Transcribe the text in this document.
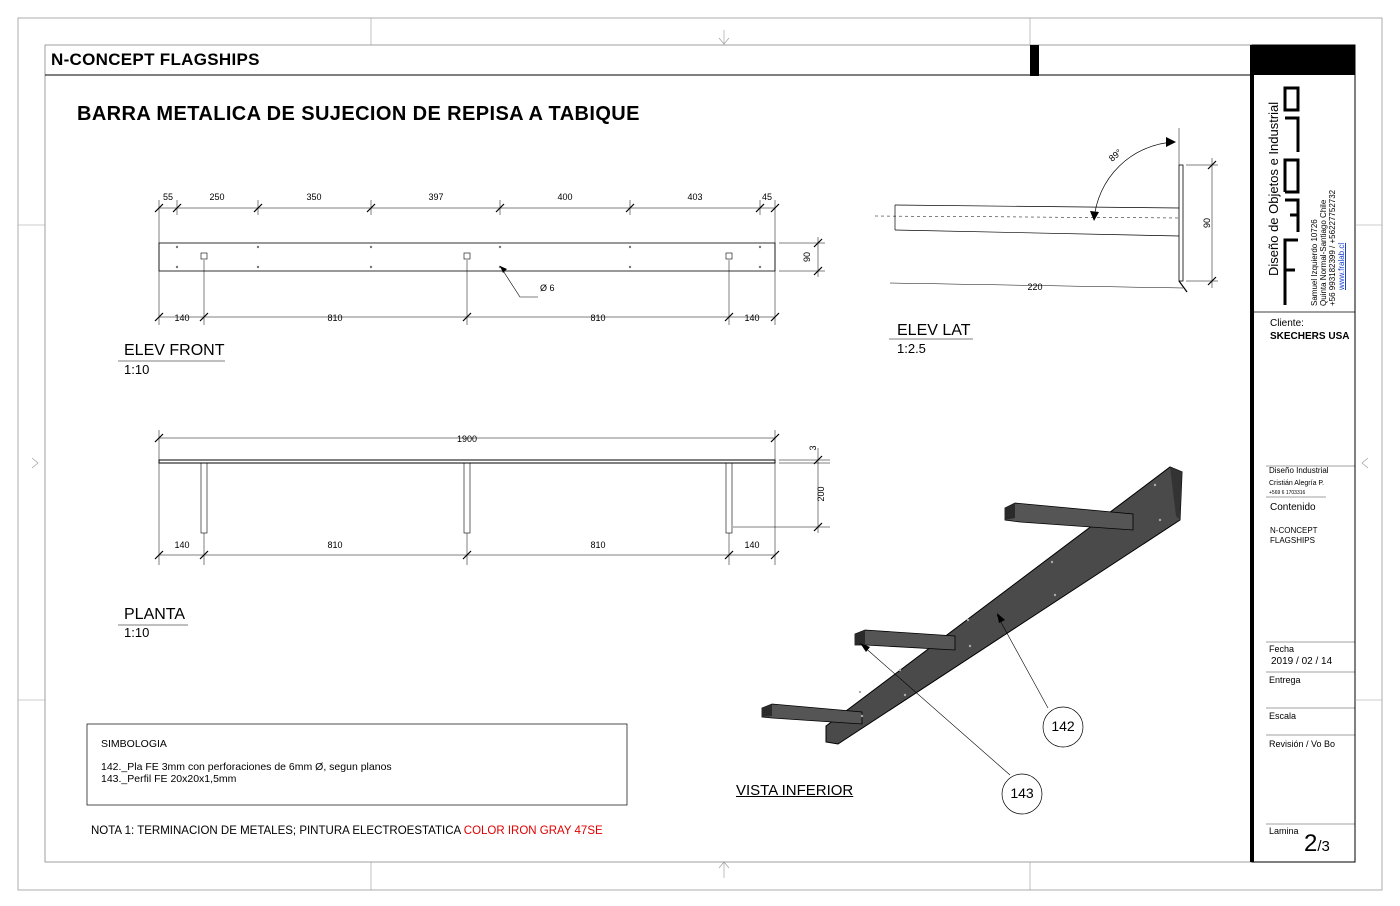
55	250	350	397	400	403	45
140	810	810	140
90
Ø 6
89°
90
220
1900
3
200
140	810	810	140
N-CONCEPT FLAGSHIPS
BARRA METALICA DE SUJECION DE REPISA A TABIQUE
ELEV FRONT
1:10
ELEV LAT
1:2.5
PLANTA
1:10
VISTA INFERIOR
142
143
SIMBOLOGIA
142._Pla FE 3mm con perforaciones de 6mm Ø, segun planos
143._Perfil FE 20x20x1,5mm
NOTA 1: TERMINACION DE METALES; PINTURA ELECTROESTATICA COLOR IRON GRAY 47SE
Diseño de Objetos e Industrial	Samuel Izquierdo 10726 Quinta Normal-Santiago Chile +56 993182399 / +56227752732 www.fralab.cl
Cliente:
SKECHERS USA
Diseño Industrial
Cristián Alegría P.
+569 6 1703316
Contenido
N-CONCEPT
FLAGSHIPS
Fecha
2019 / 02 / 14
Entrega
Escala
Revisión / Vo Bo
Lamina 2/3
